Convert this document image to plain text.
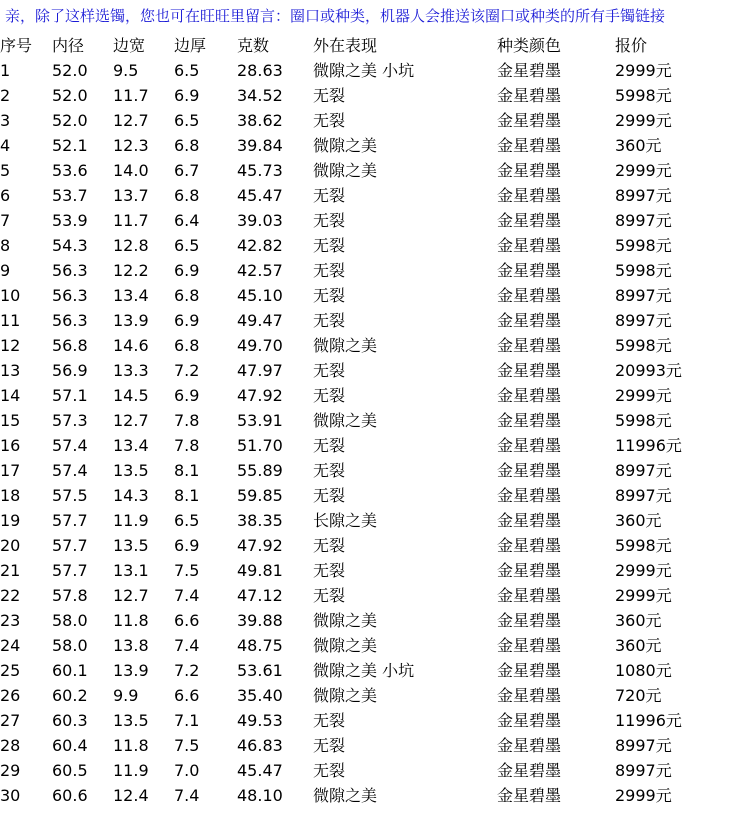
亲，除了这样选镯，您也可在旺旺里留言：圈口或种类，机器人会推送该圈口或种类的所有手镯链接
序号	内径	边宽	边厚	克数	外在表现	种类颜色	报价
1	52.0	9.5	6.5	28.63	微隙之美 小坑	金星碧墨	2999元
2	52.0	11.7	6.9	34.52	无裂	金星碧墨	5998元
3	52.0	12.7	6.5	38.62	无裂	金星碧墨	2999元
4	52.1	12.3	6.8	39.84	微隙之美	金星碧墨	360元
5	53.6	14.0	6.7	45.73	微隙之美	金星碧墨	2999元
6	53.7	13.7	6.8	45.47	无裂	金星碧墨	8997元
7	53.9	11.7	6.4	39.03	无裂	金星碧墨	8997元
8	54.3	12.8	6.5	42.82	无裂	金星碧墨	5998元
9	56.3	12.2	6.9	42.57	无裂	金星碧墨	5998元
10	56.3	13.4	6.8	45.10	无裂	金星碧墨	8997元
11	56.3	13.9	6.9	49.47	无裂	金星碧墨	8997元
12	56.8	14.6	6.8	49.70	微隙之美	金星碧墨	5998元
13	56.9	13.3	7.2	47.97	无裂	金星碧墨	20993元
14	57.1	14.5	6.9	47.92	无裂	金星碧墨	2999元
15	57.3	12.7	7.8	53.91	微隙之美	金星碧墨	5998元
16	57.4	13.4	7.8	51.70	无裂	金星碧墨	11996元
17	57.4	13.5	8.1	55.89	无裂	金星碧墨	8997元
18	57.5	14.3	8.1	59.85	无裂	金星碧墨	8997元
19	57.7	11.9	6.5	38.35	长隙之美	金星碧墨	360元
20	57.7	13.5	6.9	47.92	无裂	金星碧墨	5998元
21	57.7	13.1	7.5	49.81	无裂	金星碧墨	2999元
22	57.8	12.7	7.4	47.12	无裂	金星碧墨	2999元
23	58.0	11.8	6.6	39.88	微隙之美	金星碧墨	360元
24	58.0	13.8	7.4	48.75	微隙之美	金星碧墨	360元
25	60.1	13.9	7.2	53.61	微隙之美 小坑	金星碧墨	1080元
26	60.2	9.9	6.6	35.40	微隙之美	金星碧墨	720元
27	60.3	13.5	7.1	49.53	无裂	金星碧墨	11996元
28	60.4	11.8	7.5	46.83	无裂	金星碧墨	8997元
29	60.5	11.9	7.0	45.47	无裂	金星碧墨	8997元
30	60.6	12.4	7.4	48.10	微隙之美	金星碧墨	2999元
